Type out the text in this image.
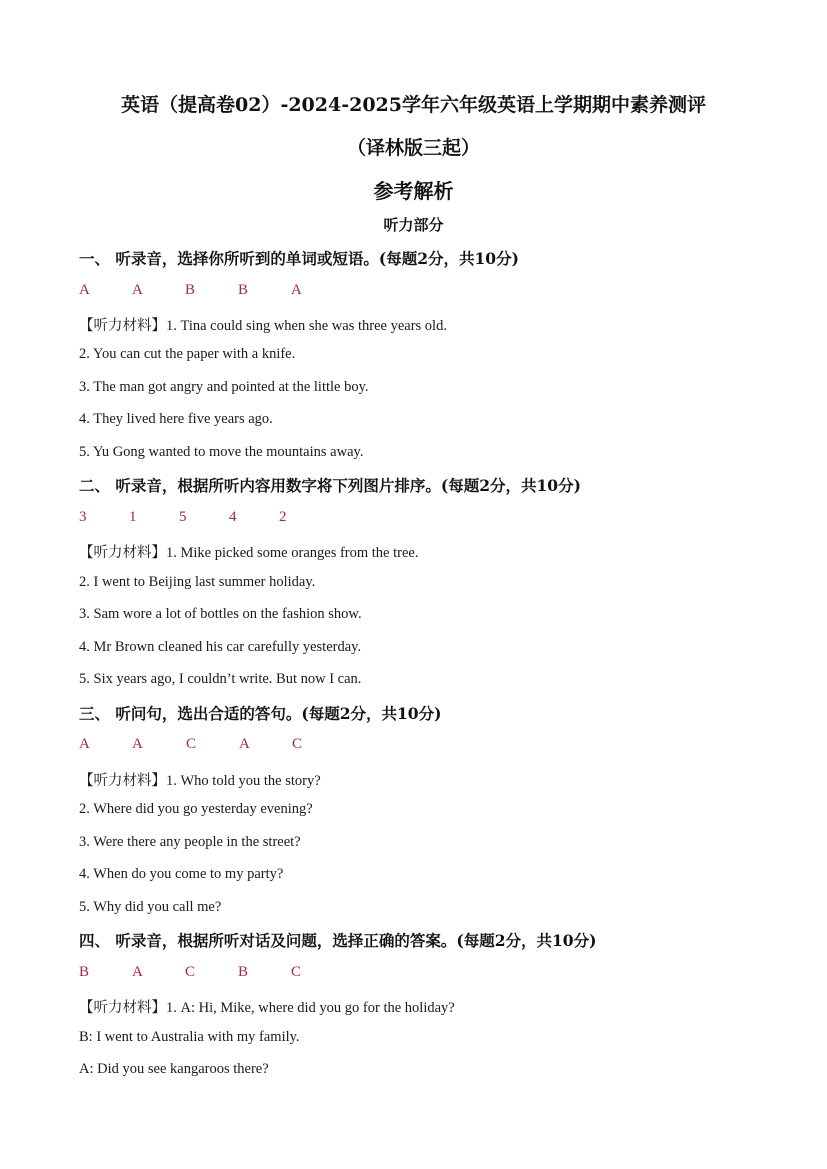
英语（提高卷02）-2024-2025学年六年级英语上学期期中素养测评
（译林版三起）
参考解析
听力部分
一、 听录音，选择你所听到的单词或短语。(每题2分，共10分)
A	A	B	B	A
【听力材料】1. Tina could sing when she was three years old.
2. You can cut the paper with a knife.
3. The man got angry and pointed at the little boy.
4. They lived here five years ago.
5. Yu Gong wanted to move the mountains away.
二、 听录音，根据所听内容用数字将下列图片排序。(每题2分，共10分)
3	1	5	4	2
【听力材料】1. Mike picked some oranges from the tree.
2. I went to Beijing last summer holiday.
3. Sam wore a lot of bottles on the fashion show.
4. Mr Brown cleaned his car carefully yesterday.
5. Six years ago, I couldn’t write. But now I can.
三、 听问句，选出合适的答句。(每题2分，共10分)
A	A	C	A	C
【听力材料】1. Who told you the story?
2. Where did you go yesterday evening?
3. Were there any people in the street?
4. When do you come to my party?
5. Why did you call me?
四、 听录音，根据所听对话及问题，选择正确的答案。(每题2分，共10分)
B	A	C	B	C
【听力材料】1. A: Hi, Mike, where did you go for the holiday?
B: I went to Australia with my family.
A: Did you see kangaroos there?
